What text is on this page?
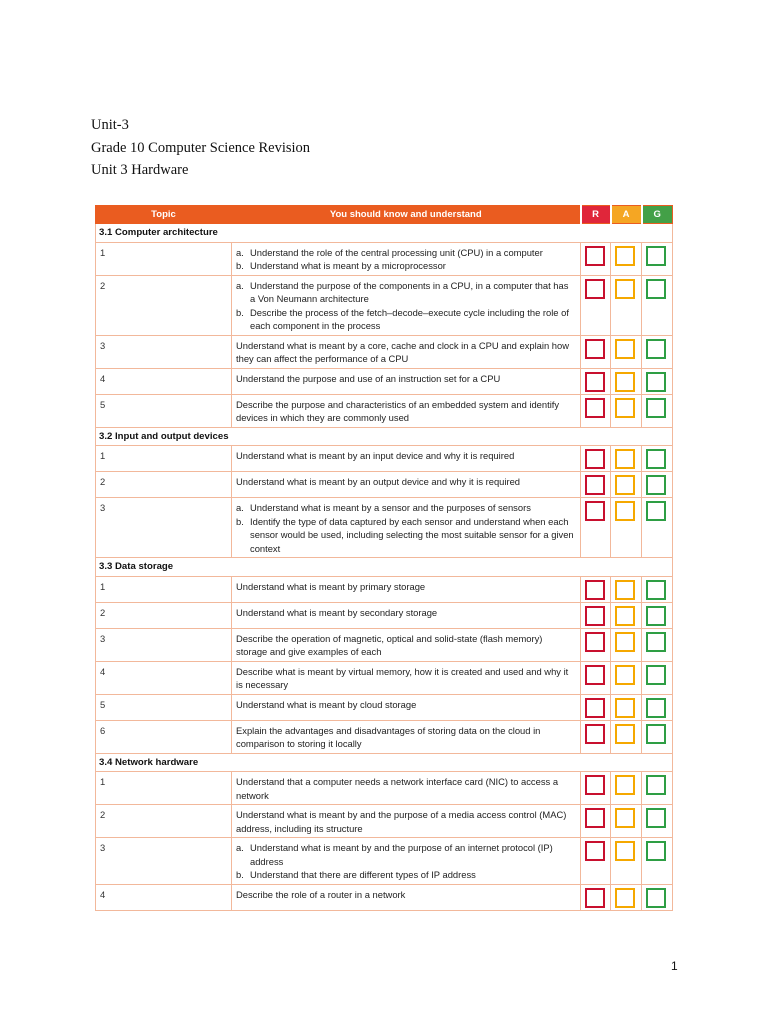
Unit-3
Grade 10 Computer Science Revision
Unit 3 Hardware
Topic	You should know and understand	R	A	G
3.1 Computer architecture				
1	a. Understand the role of the central processing unit (CPU) in a computer
b. Understand what is meant by a microprocessor			

2	a. Understand the purpose of the components in a CPU, in a computer that has a Von Neumann architecture
b. Describe the process of the fetch–decode–execute cycle including the role of each component in the process			

3	Understand what is meant by a core, cache and clock in a CPU and explain how they can affect the performance of a CPU			

4	Understand the purpose and use of an instruction set for a CPU			

5	Describe the purpose and characteristics of an embedded system and identify devices in which they are commonly used			

3.2 Input and output devices				
1	Understand what is meant by an input device and why it is required			

2	Understand what is meant by an output device and why it is required			

3	a. Understand what is meant by a sensor and the purposes of sensors
b. Identify the type of data captured by each sensor and understand when each sensor would be used, including selecting the most suitable sensor for a given context			

3.3 Data storage				
1	Understand what is meant by primary storage			

2	Understand what is meant by secondary storage			

3	Describe the operation of magnetic, optical and solid-state (flash memory) storage and give examples of each			

4	Describe what is meant by virtual memory, how it is created and used and why it is necessary			

5	Understand what is meant by cloud storage			

6	Explain the advantages and disadvantages of storing data on the cloud in comparison to storing it locally			

3.4 Network hardware				
1	Understand that a computer needs a network interface card (NIC) to access a network			

2	Understand what is meant by and the purpose of a media access control (MAC) address, including its structure			

3	a. Understand what is meant by and the purpose of an internet protocol (IP) address
b. Understand that there are different types of IP address			

4	Describe the role of a router in a network			

1
